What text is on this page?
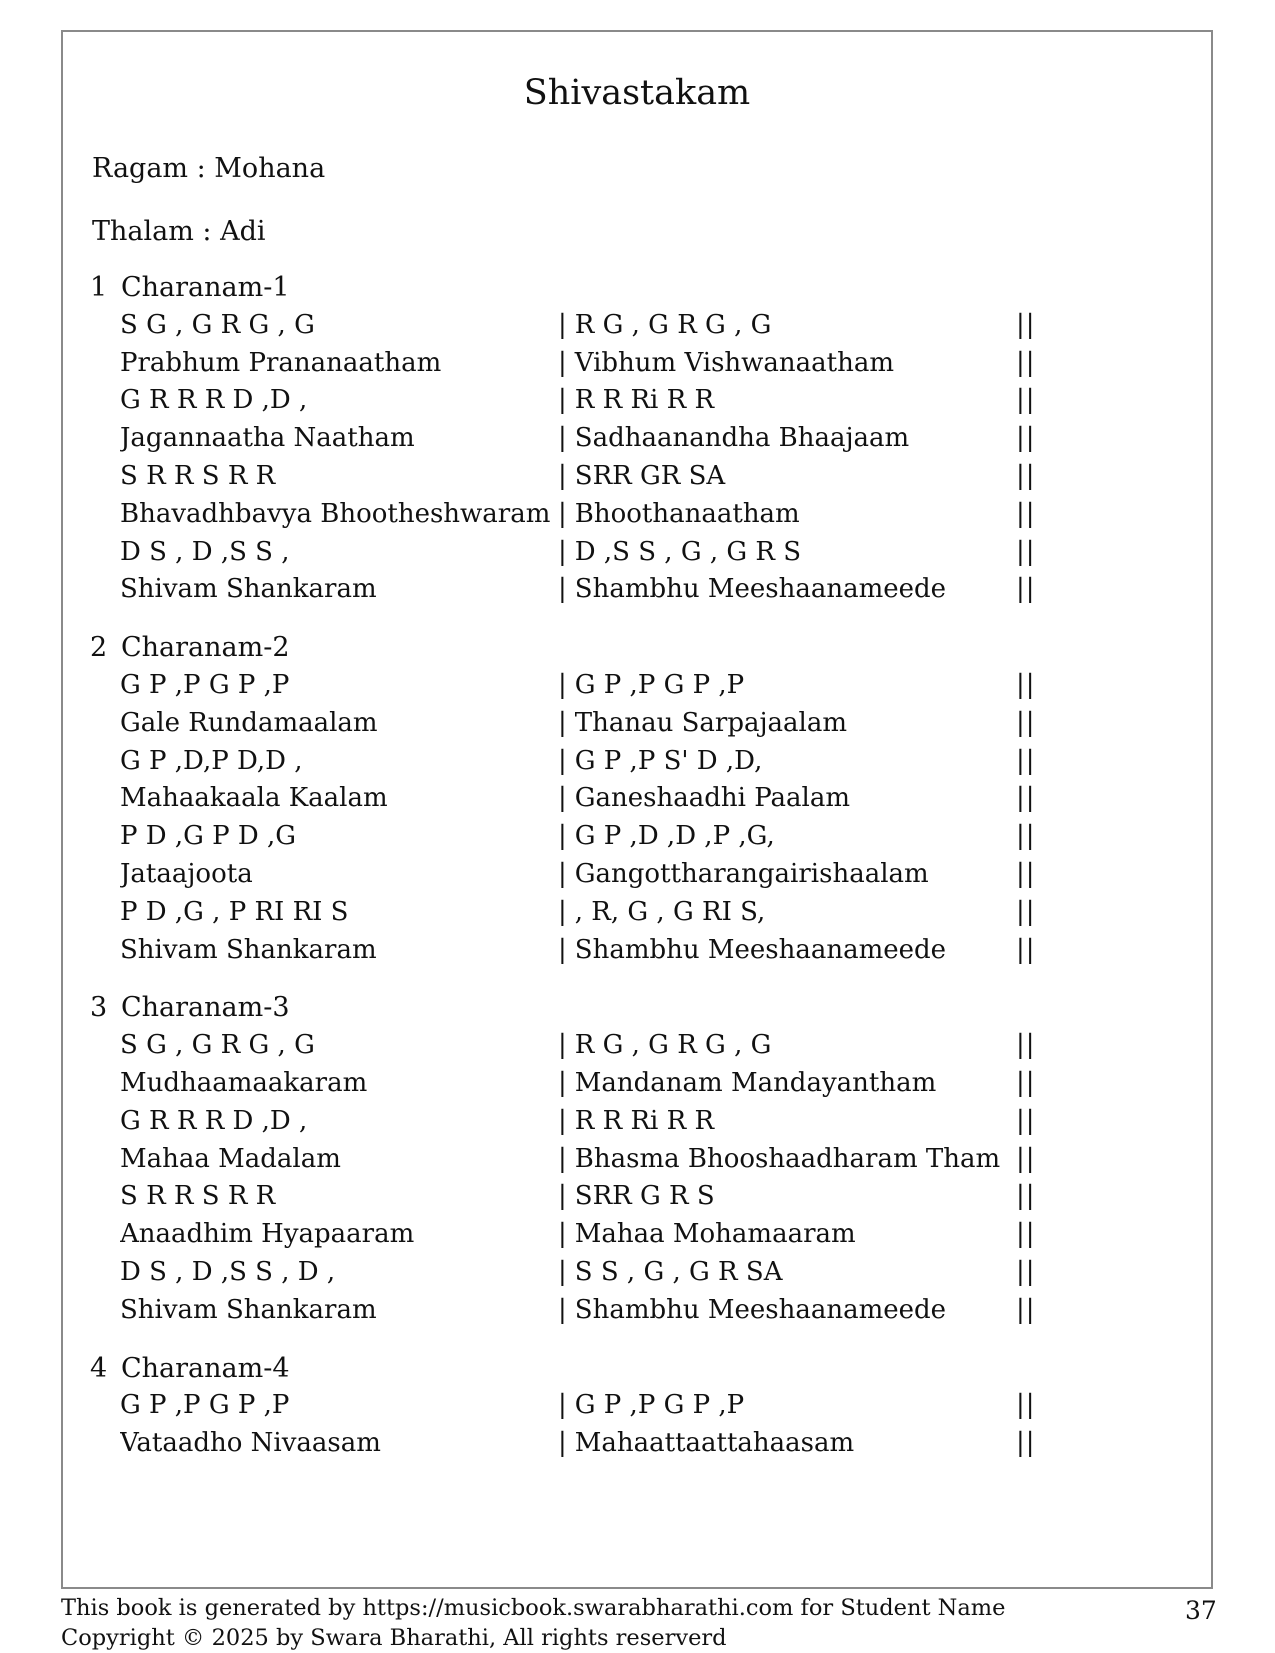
Shivastakam
Ragam : Mohana
Thalam : Adi
1 Charanam-1
S G , G R G , G	| R G , G R G , G	||
Prabhum Prananaatham	| Vibhum Vishwanaatham	||
G R R R D ,D ,	| R R Ri R R	||
Jagannaatha Naatham	| Sadhaanandha Bhaajaam	||
S R R S R R	| SRR GR SA	||
Bhavadhbavya Bhootheshwaram | Bhoothanaatham	||
D S , D ,S S ,	| D ,S S , G , G R S	||
Shivam Shankaram	| Shambhu Meeshaanameede	||
2 Charanam-2
G P ,P G P ,P	| G P ,P G P ,P	||
Gale Rundamaalam	| Thanau Sarpajaalam	||
G P ,D,P D,D ,	| G P ,P S' D ,D,	||
Mahaakaala Kaalam	| Ganeshaadhi Paalam	||
P D ,G P D ,G	| G P ,D ,D ,P ,G,	||
Jataajoota	| Gangottharangairishaalam	||
P D ,G , P RI RI S	| , R, G , G RI S,	||
Shivam Shankaram	| Shambhu Meeshaanameede	||
3 Charanam-3
S G , G R G , G	| R G , G R G , G	||
Mudhaamaakaram	| Mandanam Mandayantham	||
G R R R D ,D ,	| R R Ri R R	||
Mahaa Madalam	| Bhasma Bhooshaadharam Tham ||
S R R S R R	| SRR G R S	||
Anaadhim Hyapaaram	| Mahaa Mohamaaram	||
D S , D ,S S , D ,	| S S , G , G R SA	||
Shivam Shankaram	| Shambhu Meeshaanameede	||
4 Charanam-4
G P ,P G P ,P	| G P ,P G P ,P	||
Vataadho Nivaasam	| Mahaattaattahaasam	||
This book is generated by https://musicbook.swarabharathi.com for Student Name
Copyright © 2025 by Swara Bharathi, All rights reserverd
37
